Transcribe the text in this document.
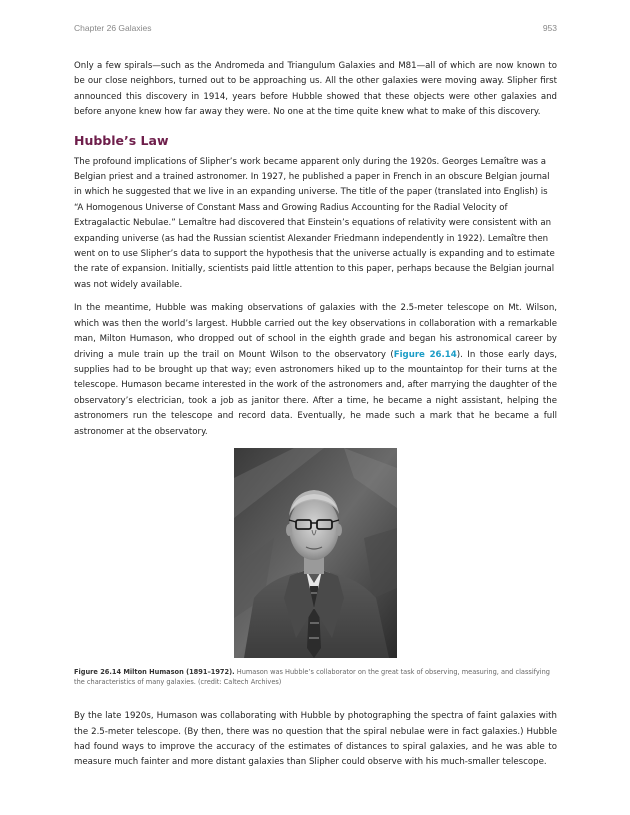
Chapter 26 Galaxies	953

Only a few spirals—such as the Andromeda and Triangulum Galaxies and M81—all of which are now known to be our close neighbors, turned out to be approaching us. All the other galaxies were moving away. Slipher first announced this discovery in 1914, years before Hubble showed that these objects were other galaxies and before anyone knew how far away they were. No one at the time quite knew what to make of this discovery.

Hubble’s Law

The profound implications of Slipher’s work became apparent only during the 1920s. Georges Lemaître was a Belgian priest and a trained astronomer. In 1927, he published a paper in French in an obscure Belgian journal in which he suggested that we live in an expanding universe. The title of the paper (translated into English) is “A Homogenous Universe of Constant Mass and Growing Radius Accounting for the Radial Velocity of Extragalactic Nebulae.” Lemaître had discovered that Einstein’s equations of relativity were consistent with an expanding universe (as had the Russian scientist Alexander Friedmann independently in 1922). Lemaître then went on to use Slipher’s data to support the hypothesis that the universe actually is expanding and to estimate the rate of expansion. Initially, scientists paid little attention to this paper, perhaps because the Belgian journal was not widely available.

In the meantime, Hubble was making observations of galaxies with the 2.5-meter telescope on Mt. Wilson, which was then the world’s largest. Hubble carried out the key observations in collaboration with a remarkable man, Milton Humason, who dropped out of school in the eighth grade and began his astronomical career by driving a mule train up the trail on Mount Wilson to the observatory (Figure 26.14). In those early days, supplies had to be brought up that way; even astronomers hiked up to the mountaintop for their turns at the telescope. Humason became interested in the work of the astronomers and, after marrying the daughter of the observatory’s electrician, took a job as janitor there. After a time, he became a night assistant, helping the astronomers run the telescope and record data. Eventually, he made such a mark that he became a full astronomer at the observatory.

Figure 26.14 Milton Humason (1891–1972). Humason was Hubble’s collaborator on the great task of observing, measuring, and classifying the characteristics of many galaxies. (credit: Caltech Archives)

By the late 1920s, Humason was collaborating with Hubble by photographing the spectra of faint galaxies with the 2.5-meter telescope. (By then, there was no question that the spiral nebulae were in fact galaxies.) Hubble had found ways to improve the accuracy of the estimates of distances to spiral galaxies, and he was able to measure much fainter and more distant galaxies than Slipher could observe with his much-smaller telescope.
